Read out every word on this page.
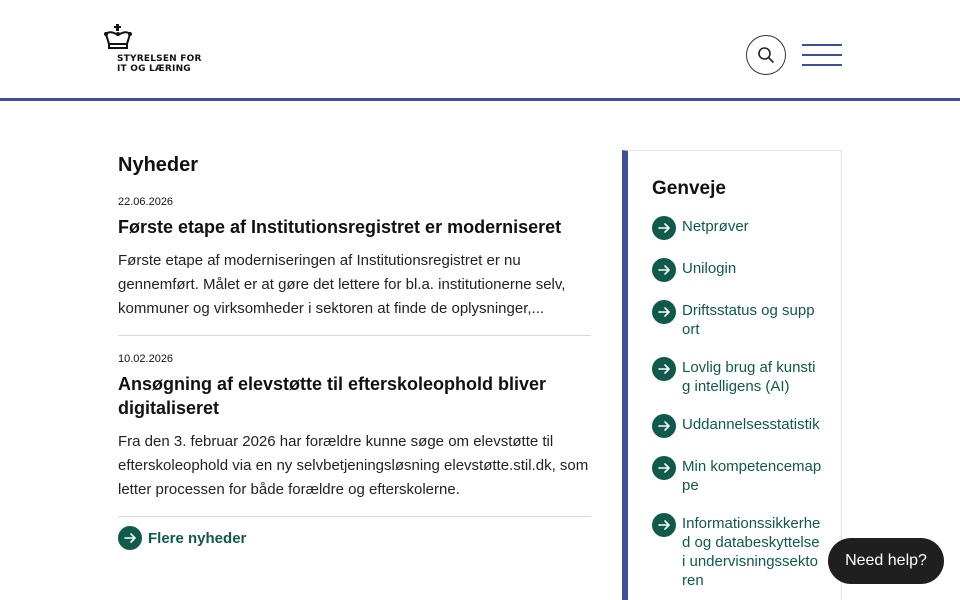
STYRELSEN FOR
IT OG LÆRING
Nyheder
22.06.2026
Første etape af Institutionsregistret er moderniseret
Første etape af moderniseringen af Institutionsregistret er nu gennemført. Målet er at gøre det lettere for bl.a. institutionerne selv, kommuner og virksomheder i sektoren at finde de oplysninger,...
10.02.2026
Ansøgning af elevstøtte til efterskoleophold bliver digitaliseret
Fra den 3. februar 2026 har forældre kunne søge om elevstøtte til efterskoleophold via en ny selvbetjeningsløsning elevstøtte.stil.dk, som letter processen for både forældre og efterskolerne.
Flere nyheder
Genveje
Netprøver
Unilogin
Driftsstatus og support
Lovlig brug af kunstig intelligens (AI)
Uddannelsesstatistik
Min kompetencemappe
Informationssikkerhed og databeskyttelse i undervisningssektoren
Need help?
